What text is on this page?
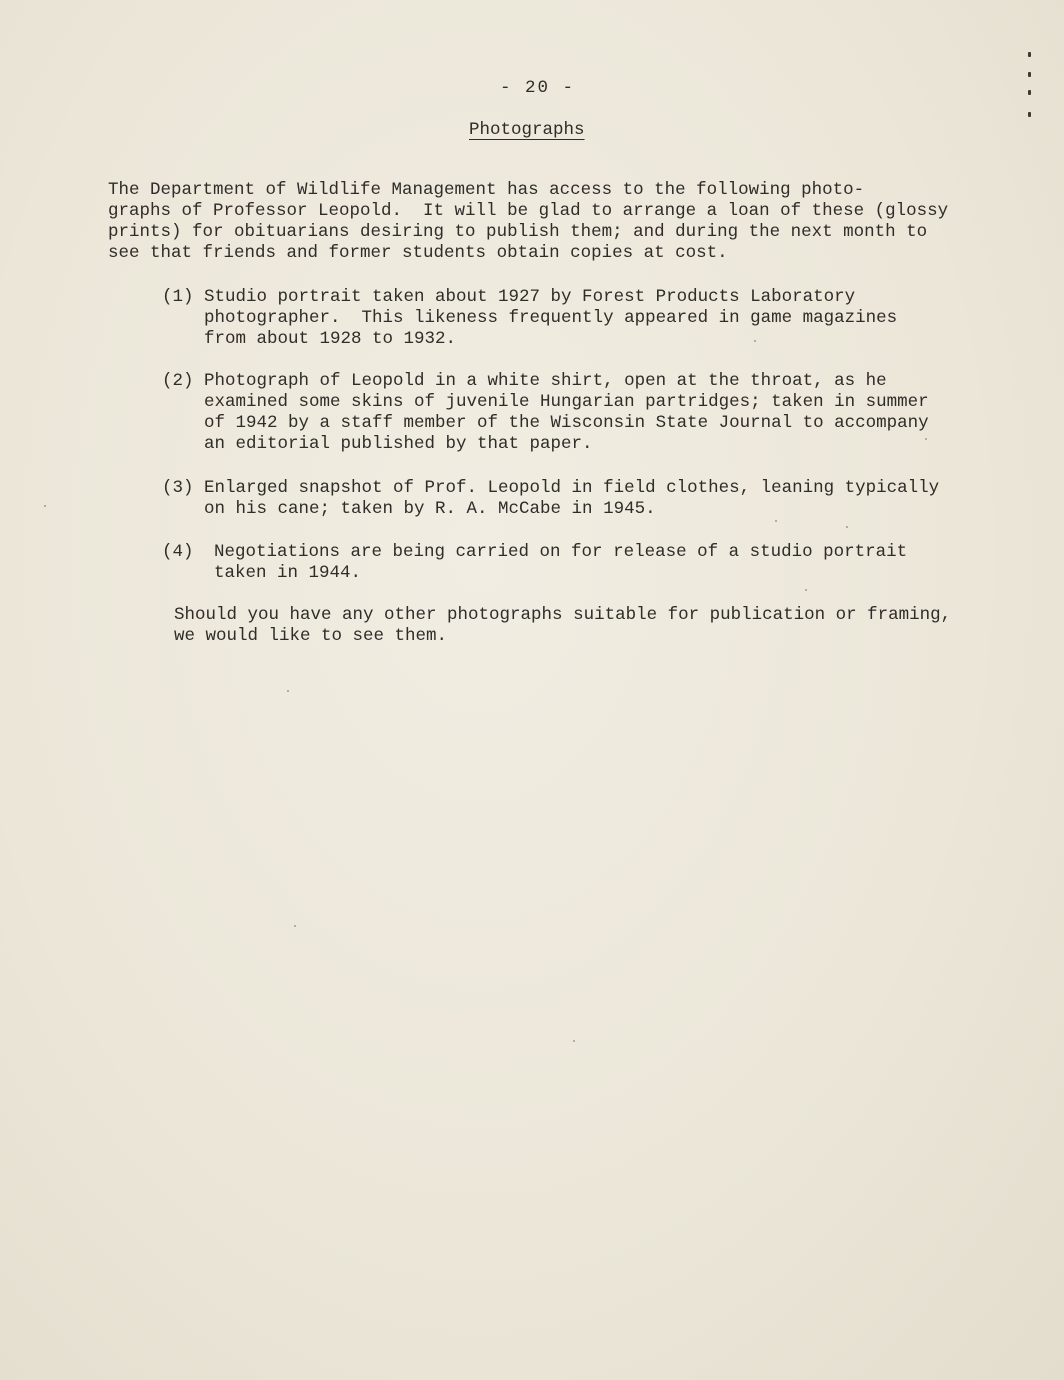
- 20 -
Photographs
The Department of Wildlife Management has access to the following photo-
graphs of Professor Leopold.  It will be glad to arrange a loan of these (glossy
prints) for obituarians desiring to publish them; and during the next month to
see that friends and former students obtain copies at cost.
(1) Studio portrait taken about 1927 by Forest Products Laboratory
photographer.  This likeness frequently appeared in game magazines
from about 1928 to 1932.
(2) Photograph of Leopold in a white shirt, open at the throat, as he
examined some skins of juvenile Hungarian partridges; taken in summer
of 1942 by a staff member of the Wisconsin State Journal to accompany
an editorial published by that paper.
(3) Enlarged snapshot of Prof. Leopold in field clothes, leaning typically
on his cane; taken by R. A. McCabe in 1945.
(4) Negotiations are being carried on for release of a studio portrait
taken in 1944.
Should you have any other photographs suitable for publication or framing,
we would like to see them.
